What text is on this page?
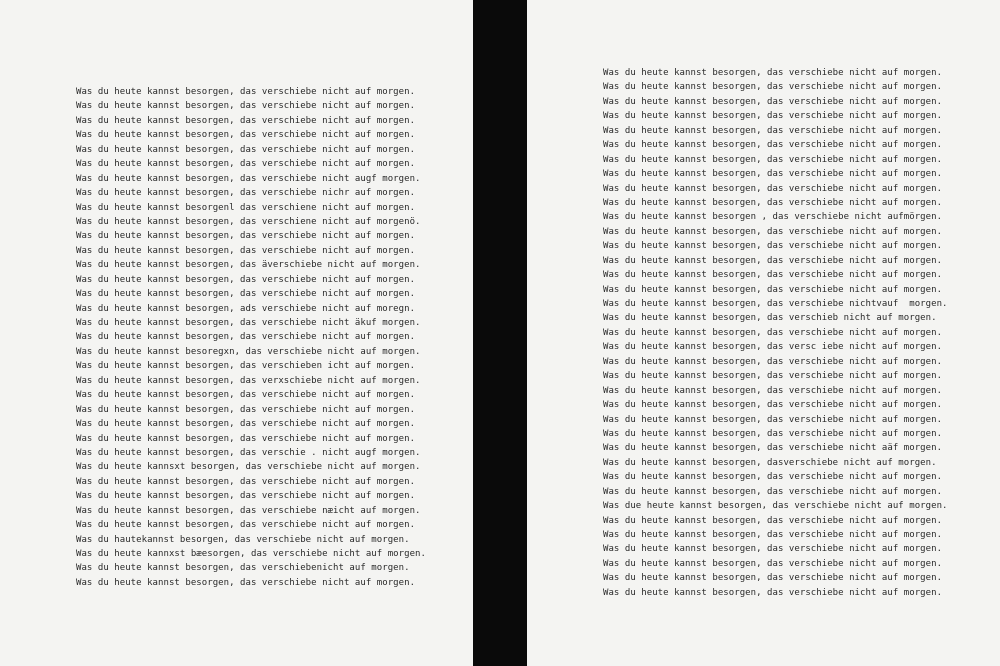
Was du heute kannst besorgen, das verschiebe nicht auf morgen.
Was du heute kannst besorgen, das verschiebe nicht auf morgen.
Was du heute kannst besorgen, das verschiebe nicht auf morgen.
Was du heute kannst besorgen, das verschiebe nicht auf morgen.
Was du heute kannst besorgen, das verschiebe nicht auf morgen.
Was du heute kannst besorgen, das verschiebe nicht auf morgen.
Was du heute kannst besorgen, das verschiebe nicht augf morgen.
Was du heute kannst besorgen, das verschiebe nichr auf morgen.
Was du heute kannst besorgenl das verschiene nicht auf morgen.
Was du heute kannst besorgen, das verschiene nicht auf morgenö.
Was du heute kannst besorgen, das verschiebe nicht auf morgen.
Was du heute kannst besorgen, das verschiebe nicht auf morgen.
Was du heute kannst besorgen, das äverschiebe nicht auf morgen.
Was du heute kannst besorgen, das verschiebe nicht auf morgen.
Was du heute kannst besorgen, das verschiebe nicht auf morgen.
Was du heute kannst besorgen, ads verschiebe nicht auf moregn.
Was du heute kannst besorgen, das verschiebe nicht äkuf morgen.
Was du heute kannst besorgen, das verschiebe nicht auf morgen.
Was du heute kannst besoregxn, das verschiebe nicht auf morgen.
Was du heute kannst besorgen, das verschieben icht auf morgen.
Was du heute kannst besorgen, das verxschiebe nicht auf morgen.
Was du heute kannst besorgen, das verschiebe nicht auf morgen.
Was du heute kannst besorgen, das verschiebe nicht auf morgen.
Was du heute kannst besorgen, das verschiebe nicht auf morgen.
Was du heute kannst besorgen, das verschiebe nicht auf morgen.
Was du heute kannst besorgen, das verschie . nicht augf morgen.
Was du heute kannsxt besorgen, das verschiebe nicht auf morgen.
Was du heute kannst besorgen, das verschiebe nicht auf morgen.
Was du heute kannst besorgen, das verschiebe nicht auf morgen.
Was du heute kannst besorgen, das verschiebe næicht auf morgen.
Was du heute kannst besorgen, das verschiebe nicht auf morgen.
Was du hautekannst besorgen, das verschiebe nicht auf morgen.
Was du heute kannxst bæesorgen, das verschiebe nicht auf morgen.
Was du heute kannst besorgen, das verschiebenicht auf morgen.
Was du heute kannst besorgen, das verschiebe nicht auf morgen.
Was du heute kannst besorgen, das verschiebe nicht auf morgen.
Was du heute kannst besorgen, das verschiebe nicht auf morgen.
Was du heute kannst besorgen, das verschiebe nicht auf morgen.
Was du heute kannst besorgen, das verschiebe nicht auf morgen.
Was du heute kannst besorgen, das verschiebe nicht auf morgen.
Was du heute kannst besorgen, das verschiebe nicht auf morgen.
Was du heute kannst besorgen, das verschiebe nicht auf morgen.
Was du heute kannst besorgen, das verschiebe nicht auf morgen.
Was du heute kannst besorgen, das verschiebe nicht auf morgen.
Was du heute kannst besorgen, das verschiebe nicht auf morgen.
Was du heute kannst besorgen , das verschiebe nicht aufmörgen.
Was du heute kannst besorgen, das verschiebe nicht auf morgen.
Was du heute kannst besorgen, das verschiebe nicht auf morgen.
Was du heute kannst besorgen, das verschiebe nicht auf morgen.
Was du heute kannst besorgen, das verschiebe nicht auf morgen.
Was du heute kannst besorgen, das verschiebe nicht auf morgen.
Was du heute kannst besorgen, das verschiebe nichtvauf  morgen.
Was du heute kannst besorgen, das verschieb nicht auf morgen.
Was du heute kannst besorgen, das verschiebe nicht auf morgen.
Was du heute kannst besorgen, das versc iebe nicht auf morgen.
Was du heute kannst besorgen, das verschiebe nicht auf morgen.
Was du heute kannst besorgen, das verschiebe nicht auf morgen.
Was du heute kannst besorgen, das verschiebe nicht auf morgen.
Was du heute kannst besorgen, das verschiebe nicht auf morgen.
Was du heute kannst besorgen, das verschiebe nicht auf morgen.
Was du heute kannst besorgen, das verschiebe nicht auf morgen.
Was du heute kannst besorgen, das verschiebe nicht aäf morgen.
Was du heute kannst besorgen, dasverschiebe nicht auf morgen.
Was du heute kannst besorgen, das verschiebe nicht auf morgen.
Was du heute kannst besorgen, das verschiebe nicht auf morgen.
Was due heute kannst besorgen, das verschiebe nicht auf morgen.
Was du heute kannst besorgen, das verschiebe nicht auf morgen.
Was du heute kannst besorgen, das verschiebe nicht auf morgen.
Was du heute kannst besorgen, das verschiebe nicht auf morgen.
Was du heute kannst besorgen, das verschiebe nicht auf morgen.
Was du heute kannst besorgen, das verschiebe nicht auf morgen.
Was du heute kannst besorgen, das verschiebe nicht auf morgen.
